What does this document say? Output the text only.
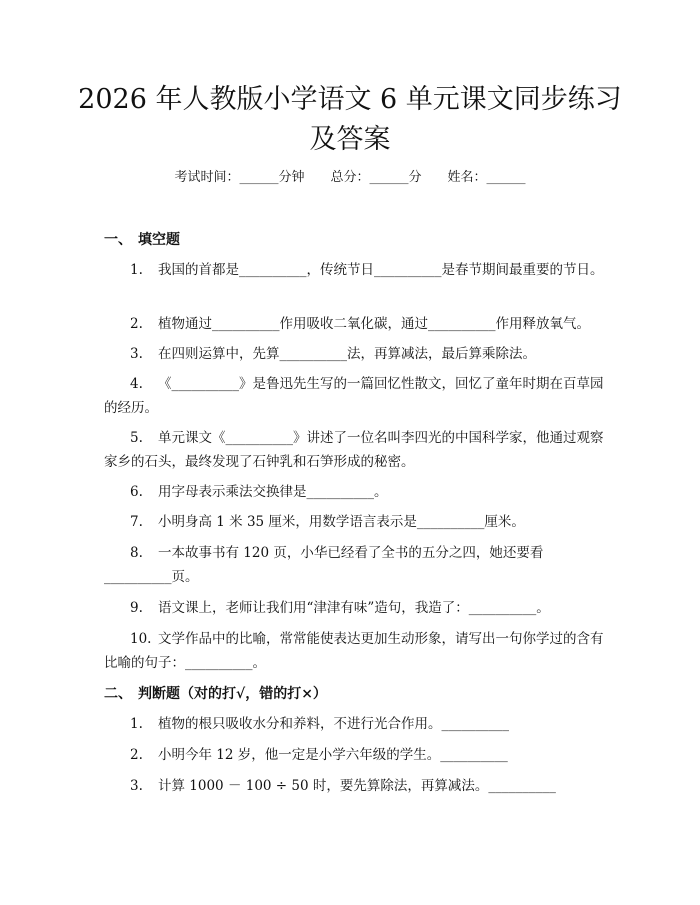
2026 年人教版小学语文 6 单元课文同步练习
及答案
考试时间：______分钟 总分：______分 姓名：______
一、 填空题
1. 我国的首都是__________，传统节日__________是春节期间最重要的节日。
2. 植物通过__________作用吸收二氧化碳，通过__________作用释放氧气。
3. 在四则运算中，先算__________法，再算减法，最后算乘除法。
4. 《__________》是鲁迅先生写的一篇回忆性散文，回忆了童年时期在百草园的经历。
5. 单元课文《__________》讲述了一位名叫李四光的中国科学家，他通过观察家乡的石头，最终发现了石钟乳和石笋形成的秘密。
6. 用字母表示乘法交换律是__________。
7. 小明身高 1 米 35 厘米，用数学语言表示是__________厘米。
8. 一本故事书有 120 页，小华已经看了全书的五分之四，她还要看__________页。
9. 语文课上，老师让我们用“津津有味”造句，我造了：__________。
10. 文学作品中的比喻，常常能使表达更加生动形象，请写出一句你学过的含有比喻的句子：__________。
二、 判断题（对的打√，错的打×）
1. 植物的根只吸收水分和养料，不进行光合作用。__________
2. 小明今年 12 岁，他一定是小学六年级的学生。__________
3. 计算 1000 － 100 ÷ 50 时，要先算除法，再算减法。__________
